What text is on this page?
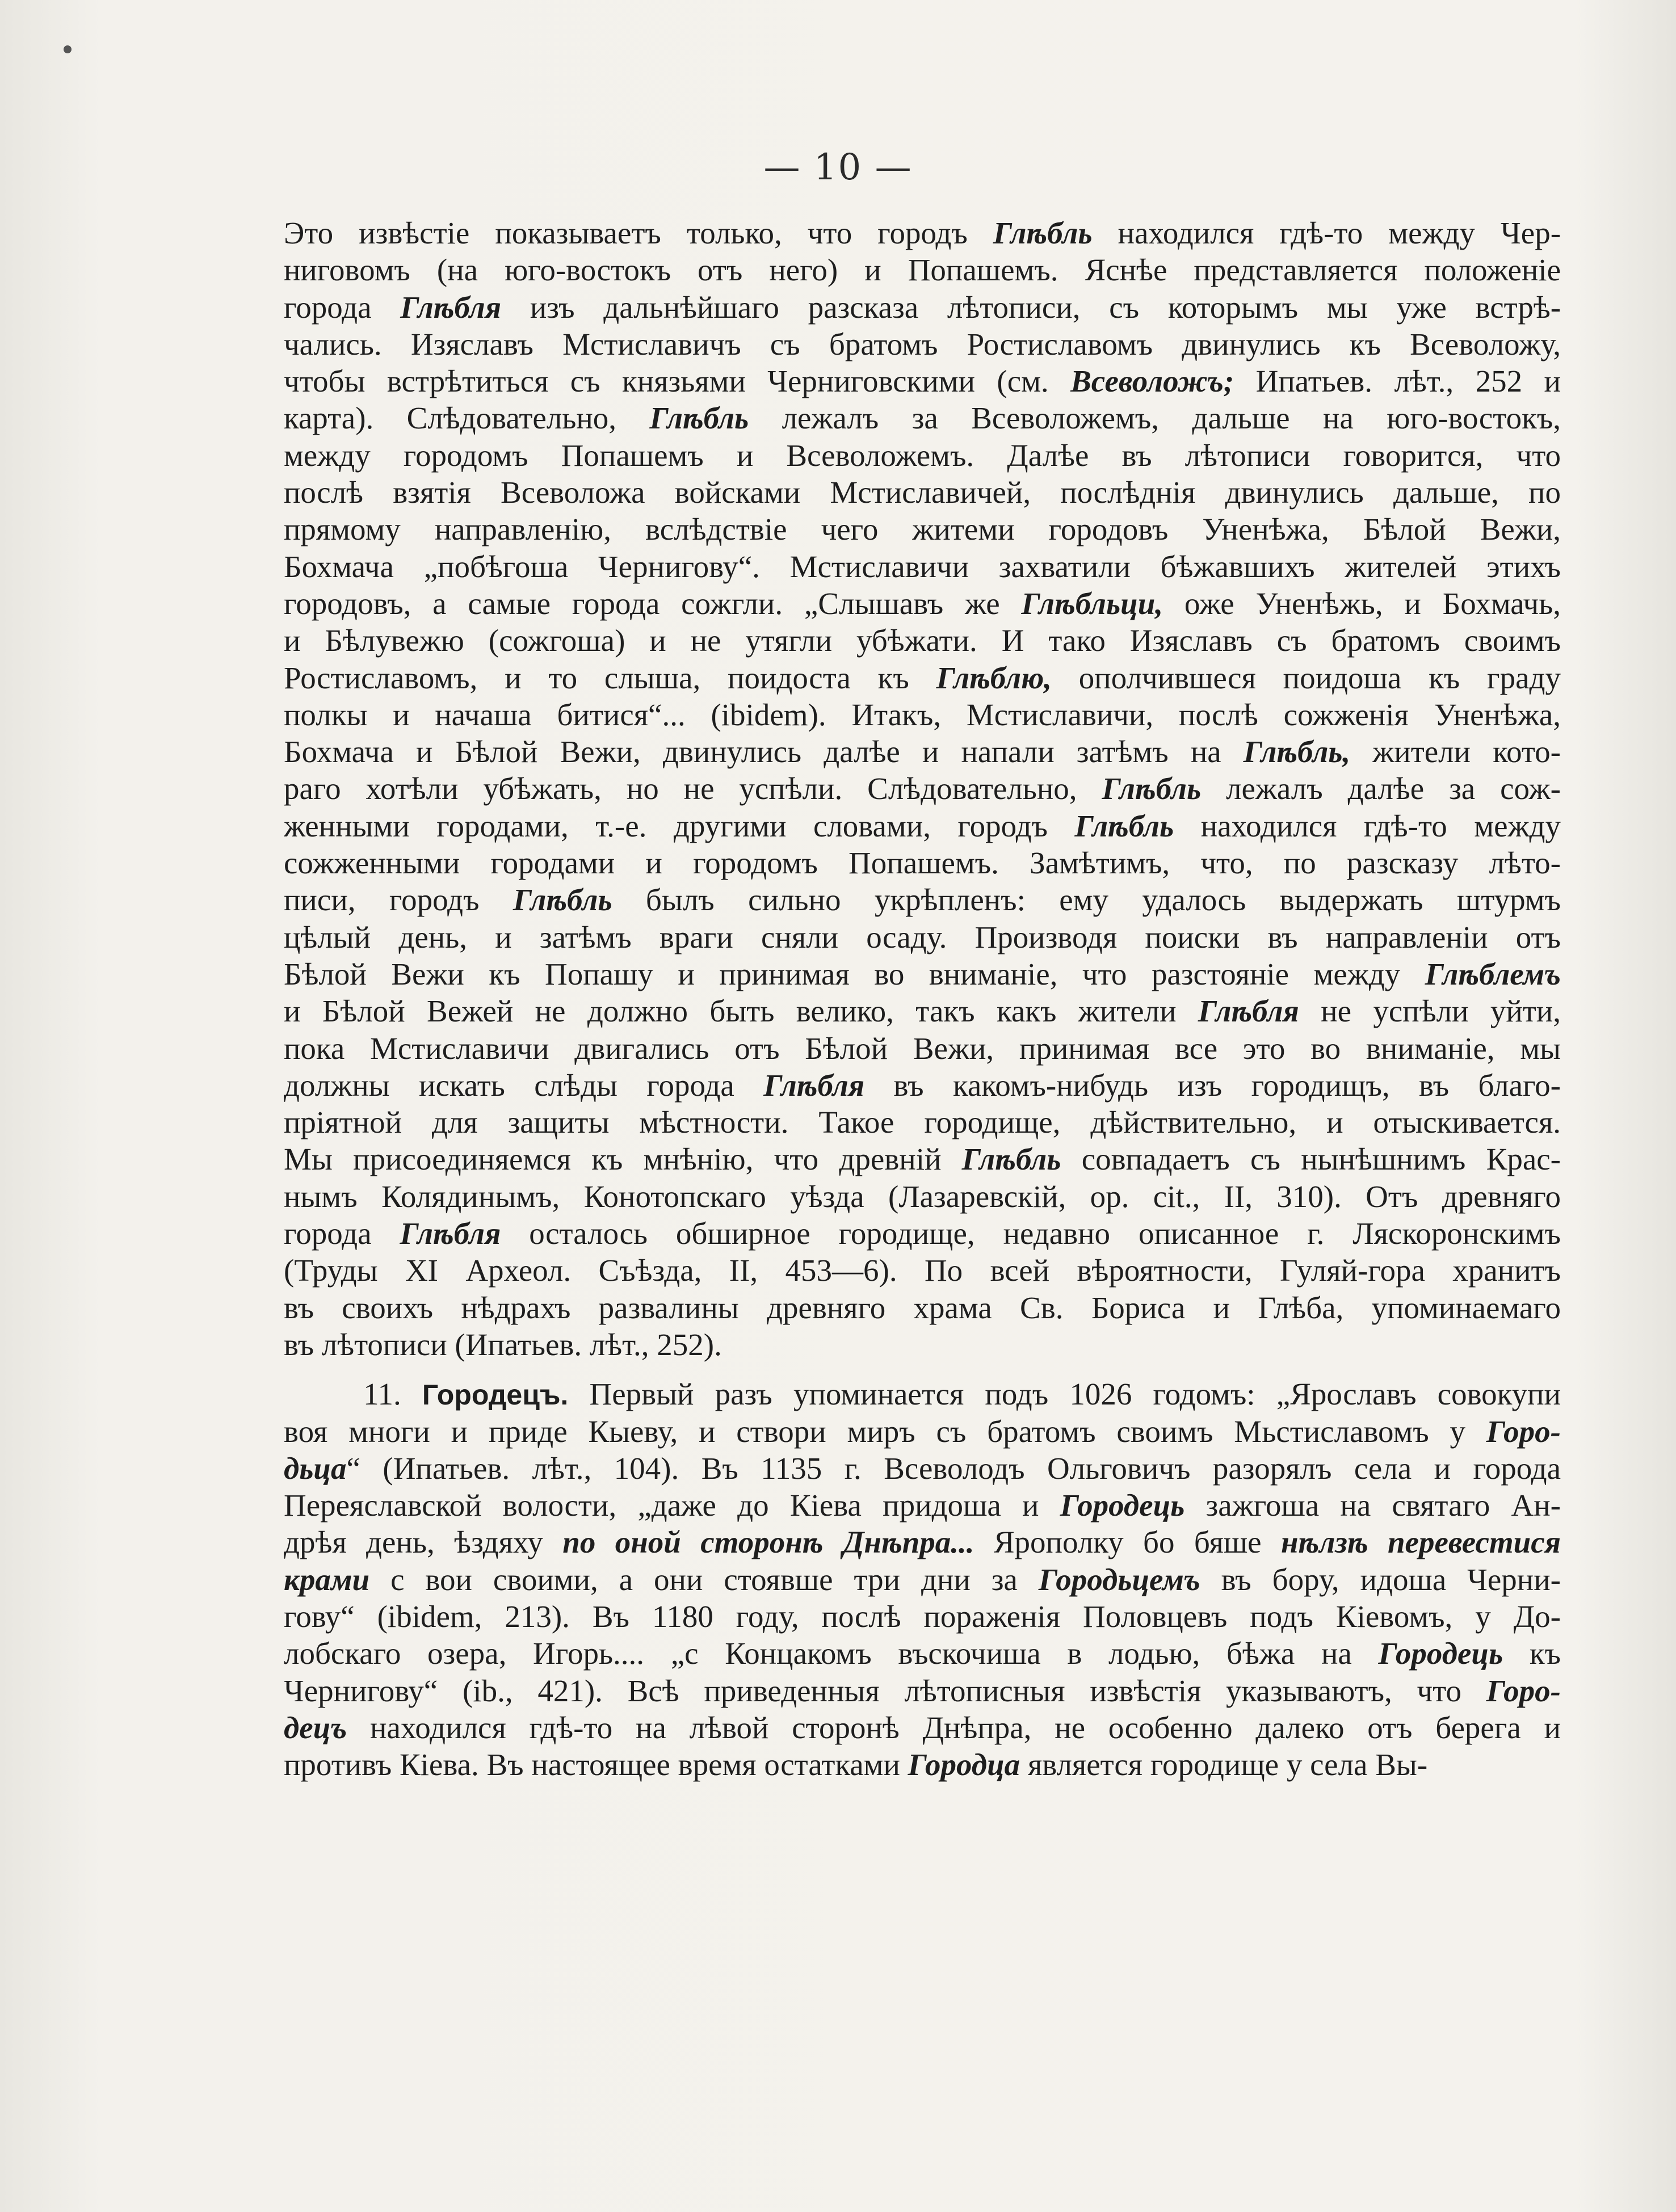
— 10 —
Это извѣстіе показываетъ только, что городъ Глѣбль находился гдѣ-то между Чер-
ниговомъ (на юго-востокъ отъ него) и Попашемъ. Яснѣе представляется положеніе
города Глѣбля изъ дальнѣйшаго разсказа лѣтописи, съ которымъ мы уже встрѣ-
чались. Изяславъ Мстиславичъ съ братомъ Ростиславомъ двинулись къ Всеволожу,
чтобы встрѣтиться съ князьями Черниговскими (см. Всеволожъ; Ипатьев. лѣт., 252 и
карта). Слѣдовательно, Глѣбль лежалъ за Всеволожемъ, дальше на юго-востокъ,
между городомъ Попашемъ и Всеволожемъ. Далѣе въ лѣтописи говорится, что
послѣ взятія Всеволожа войсками Мстиславичей, послѣднія двинулись дальше, по
прямому направленію, вслѣдствіе чего житеми городовъ Уненѣжа, Бѣлой Вежи,
Бохмача „побѣгоша Чернигову“. Мстиславичи захватили бѣжавшихъ жителей этихъ
городовъ, а самые города сожгли. „Слышавъ же Глѣбльци, оже Уненѣжь, и Бохмачь,
и Бѣлувежю (сожгоша) и не утягли убѣжати. И тако Изяславъ съ братомъ своимъ
Ростиславомъ, и то слыша, поидоста къ Глѣблю, ополчившеся поидоша къ граду
полкы и начаша битися“... (ibidem). Итакъ, Мстиславичи, послѣ сожженія Уненѣжа,
Бохмача и Бѣлой Вежи, двинулись далѣе и напали затѣмъ на Глѣбль, жители кото-
раго хотѣли убѣжать, но не успѣли. Слѣдовательно, Глѣбль лежалъ далѣе за сож-
женными городами, т.-е. другими словами, городъ Глѣбль находился гдѣ-то между
сожженными городами и городомъ Попашемъ. Замѣтимъ, что, по разсказу лѣто-
писи, городъ Глѣбль былъ сильно укрѣпленъ: ему удалось выдержать штурмъ
цѣлый день, и затѣмъ враги сняли осаду. Производя поиски въ направленіи отъ
Бѣлой Вежи къ Попашу и принимая во вниманіе, что разстояніе между Глѣблемъ
и Бѣлой Вежей не должно быть велико, такъ какъ жители Глѣбля не успѣли уйти,
пока Мстиславичи двигались отъ Бѣлой Вежи, принимая все это во вниманіе, мы
должны искать слѣды города Глѣбля въ какомъ-нибудь изъ городищъ, въ благо-
пріятной для защиты мѣстности. Такое городище, дѣйствительно, и отыскивается.
Мы присоединяемся къ мнѣнію, что древній Глѣбль совпадаетъ съ нынѣшнимъ Крас-
нымъ Колядинымъ, Конотопскаго уѣзда (Лазаревскій, op. cit., II, 310). Отъ древняго
города Глѣбля осталось обширное городище, недавно описанное г. Ляскоронскимъ
(Труды XI Археол. Съѣзда, II, 453—6). По всей вѣроятности, Гуляй-гора хранитъ
въ своихъ нѣдрахъ развалины древняго храма Св. Бориса и Глѣба, упоминаемаго
въ лѣтописи (Ипатьев. лѣт., 252).
11. Городецъ. Первый разъ упоминается подъ 1026 годомъ: „Ярославъ совокупи
воя многи и приде Кыеву, и створи миръ съ братомъ своимъ Мьстиславомъ у Горо-
дьца“ (Ипатьев. лѣт., 104). Въ 1135 г. Всеволодъ Ольговичъ разорялъ села и города
Переяславской волости, „даже до Кіева придоша и Городець зажгоша на святаго Ан-
дрѣя день, ѣздяху по оной сторонѣ Днѣпра... Ярополку бо бяше нѣлзѣ перевестися
крами с вои своими, а они стоявше три дни за Городьцемъ въ бору, идоша Черни-
гову“ (ibidem, 213). Въ 1180 году, послѣ пораженія Половцевъ подъ Кіевомъ, у До-
лобскаго озера, Игорь.... „с Концакомъ въскочиша в лодью, бѣжа на Городець къ
Чернигову“ (ib., 421). Всѣ приведенныя лѣтописныя извѣстія указываютъ, что Горо-
децъ находился гдѣ-то на лѣвой сторонѣ Днѣпра, не особенно далеко отъ берега и
противъ Кіева. Въ настоящее время остатками Городца является городище у села Вы-
